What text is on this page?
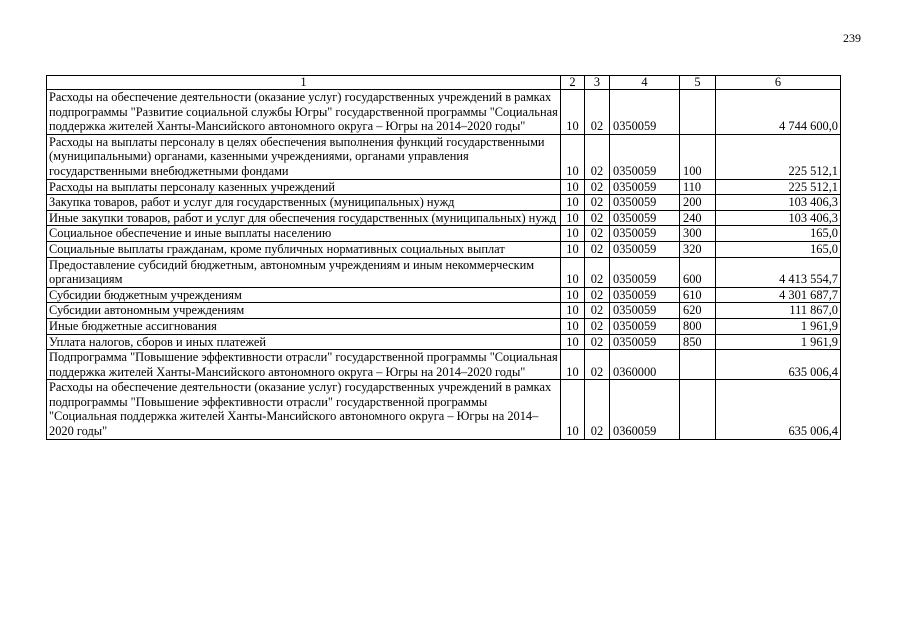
239
1	2	3	4	5	6
Расходы на обеспечение деятельности (оказание услуг) государственных учреждений в рамках подпрограммы "Развитие социальной службы Югры" государственной программы "Социальная поддержка жителей Ханты-Мансийского автономного округа – Югры на 2014–2020 годы"	10	02	0350059		4 744 600,0
Расходы на выплаты персоналу в целях обеспечения выполнения функций государственными (муниципальными) органами, казенными учреждениями, органами управления государственными внебюджетными фондами	10	02	0350059	100	225 512,1
Расходы на выплаты персоналу казенных учреждений	10	02	0350059	110	225 512,1
Закупка товаров, работ и услуг для государственных (муниципальных) нужд	10	02	0350059	200	103 406,3
Иные закупки товаров, работ и услуг для обеспечения государственных (муниципальных) нужд	10	02	0350059	240	103 406,3
Социальное обеспечение и иные выплаты населению	10	02	0350059	300	165,0
Социальные выплаты гражданам, кроме публичных нормативных социальных выплат	10	02	0350059	320	165,0
Предоставление субсидий бюджетным, автономным учреждениям и иным некоммерческим организациям	10	02	0350059	600	4 413 554,7
Субсидии бюджетным учреждениям	10	02	0350059	610	4 301 687,7
Субсидии автономным учреждениям	10	02	0350059	620	111 867,0
Иные бюджетные ассигнования	10	02	0350059	800	1 961,9
Уплата налогов, сборов и иных платежей	10	02	0350059	850	1 961,9
Подпрограмма "Повышение эффективности отрасли" государственной программы "Социальная поддержка жителей Ханты-Мансийского автономного округа – Югры на 2014–2020 годы"	10	02	0360000		635 006,4
Расходы на обеспечение деятельности (оказание услуг) государственных учреждений в рамках подпрограммы "Повышение эффективности отрасли" государственной программы "Социальная поддержка жителей Ханты-Мансийского автономного округа – Югры на 2014–2020 годы"	10	02	0360059		635 006,4
